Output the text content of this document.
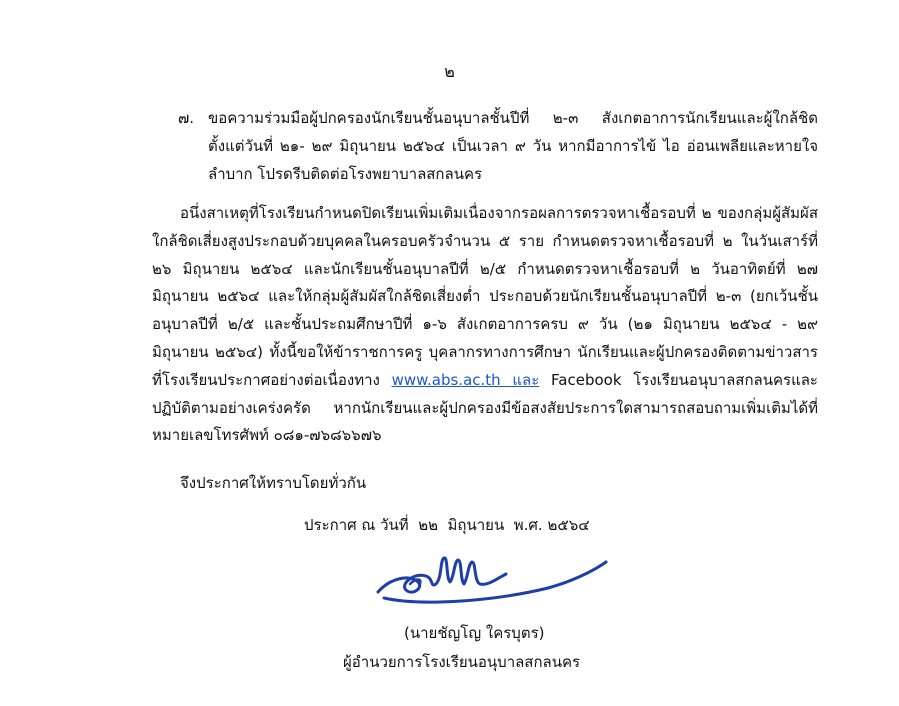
๒
๗. ขอความร่วมมือผู้ปกครองนักเรียนชั้นอนุบาลชั้นปีที่ ๒-๓ สังเกตอาการนักเรียนและผู้ใกล้ชิด ตั้งแต่วันที่ ๒๑- ๒๙ มิถุนายน ๒๕๖๔ เป็นเวลา ๙ วัน หากมีอาการไข้ ไอ อ่อนเพลียและหายใจลำบาก โปรดรีบติดต่อโรงพยาบาลสกลนคร
อนึ่งสาเหตุที่โรงเรียนกำหนดปิดเรียนเพิ่มเติมเนื่องจากรอผลการตรวจหาเชื้อรอบที่ ๒ ของกลุ่มผู้สัมผัสใกล้ชิดเสี่ยงสูงประกอบด้วยบุคคลในครอบครัวจำนวน ๕ ราย กำหนดตรวจหาเชื้อรอบที่ ๒ ในวันเสาร์ที่ ๒๖ มิถุนายน ๒๕๖๔ และนักเรียนชั้นอนุบาลปีที่ ๒/๕ กำหนดตรวจหาเชื้อรอบที่ ๒ วันอาทิตย์ที่ ๒๗ มิถุนายน ๒๕๖๔ และให้กลุ่มผู้สัมผัสใกล้ชิดเสี่ยงต่ำ ประกอบด้วยนักเรียนชั้นอนุบาลปีที่ ๒-๓ (ยกเว้นชั้นอนุบาลปีที่ ๒/๕ และชั้นประถมศึกษาปีที่ ๑-๖ สังเกตอาการครบ ๙ วัน (๒๑ มิถุนายน ๒๕๖๔ - ๒๙ มิถุนายน ๒๕๖๔) ทั้งนี้ขอให้ข้าราชการครู บุคลากรทางการศึกษา นักเรียนและผู้ปกครองติดตามข่าวสารที่โรงเรียนประกาศอย่างต่อเนื่องทาง www.abs.ac.th และ Facebook โรงเรียนอนุบาลสกลนครและปฏิบัติตามอย่างเคร่งครัด หากนักเรียนและผู้ปกครองมีข้อสงสัยประการใดสามารถสอบถามเพิ่มเติมได้ที่หมายเลขโทรศัพท์ ๐๘๑-๗๖๘๖๖๗๖
จึงประกาศให้ทราบโดยทั่วกัน
ประกาศ ณ วันที่  ๒๒  มิถุนายน  พ.ศ. ๒๕๖๔
(นายชัญโญ ใครบุตร)
ผู้อำนวยการโรงเรียนอนุบาลสกลนคร
